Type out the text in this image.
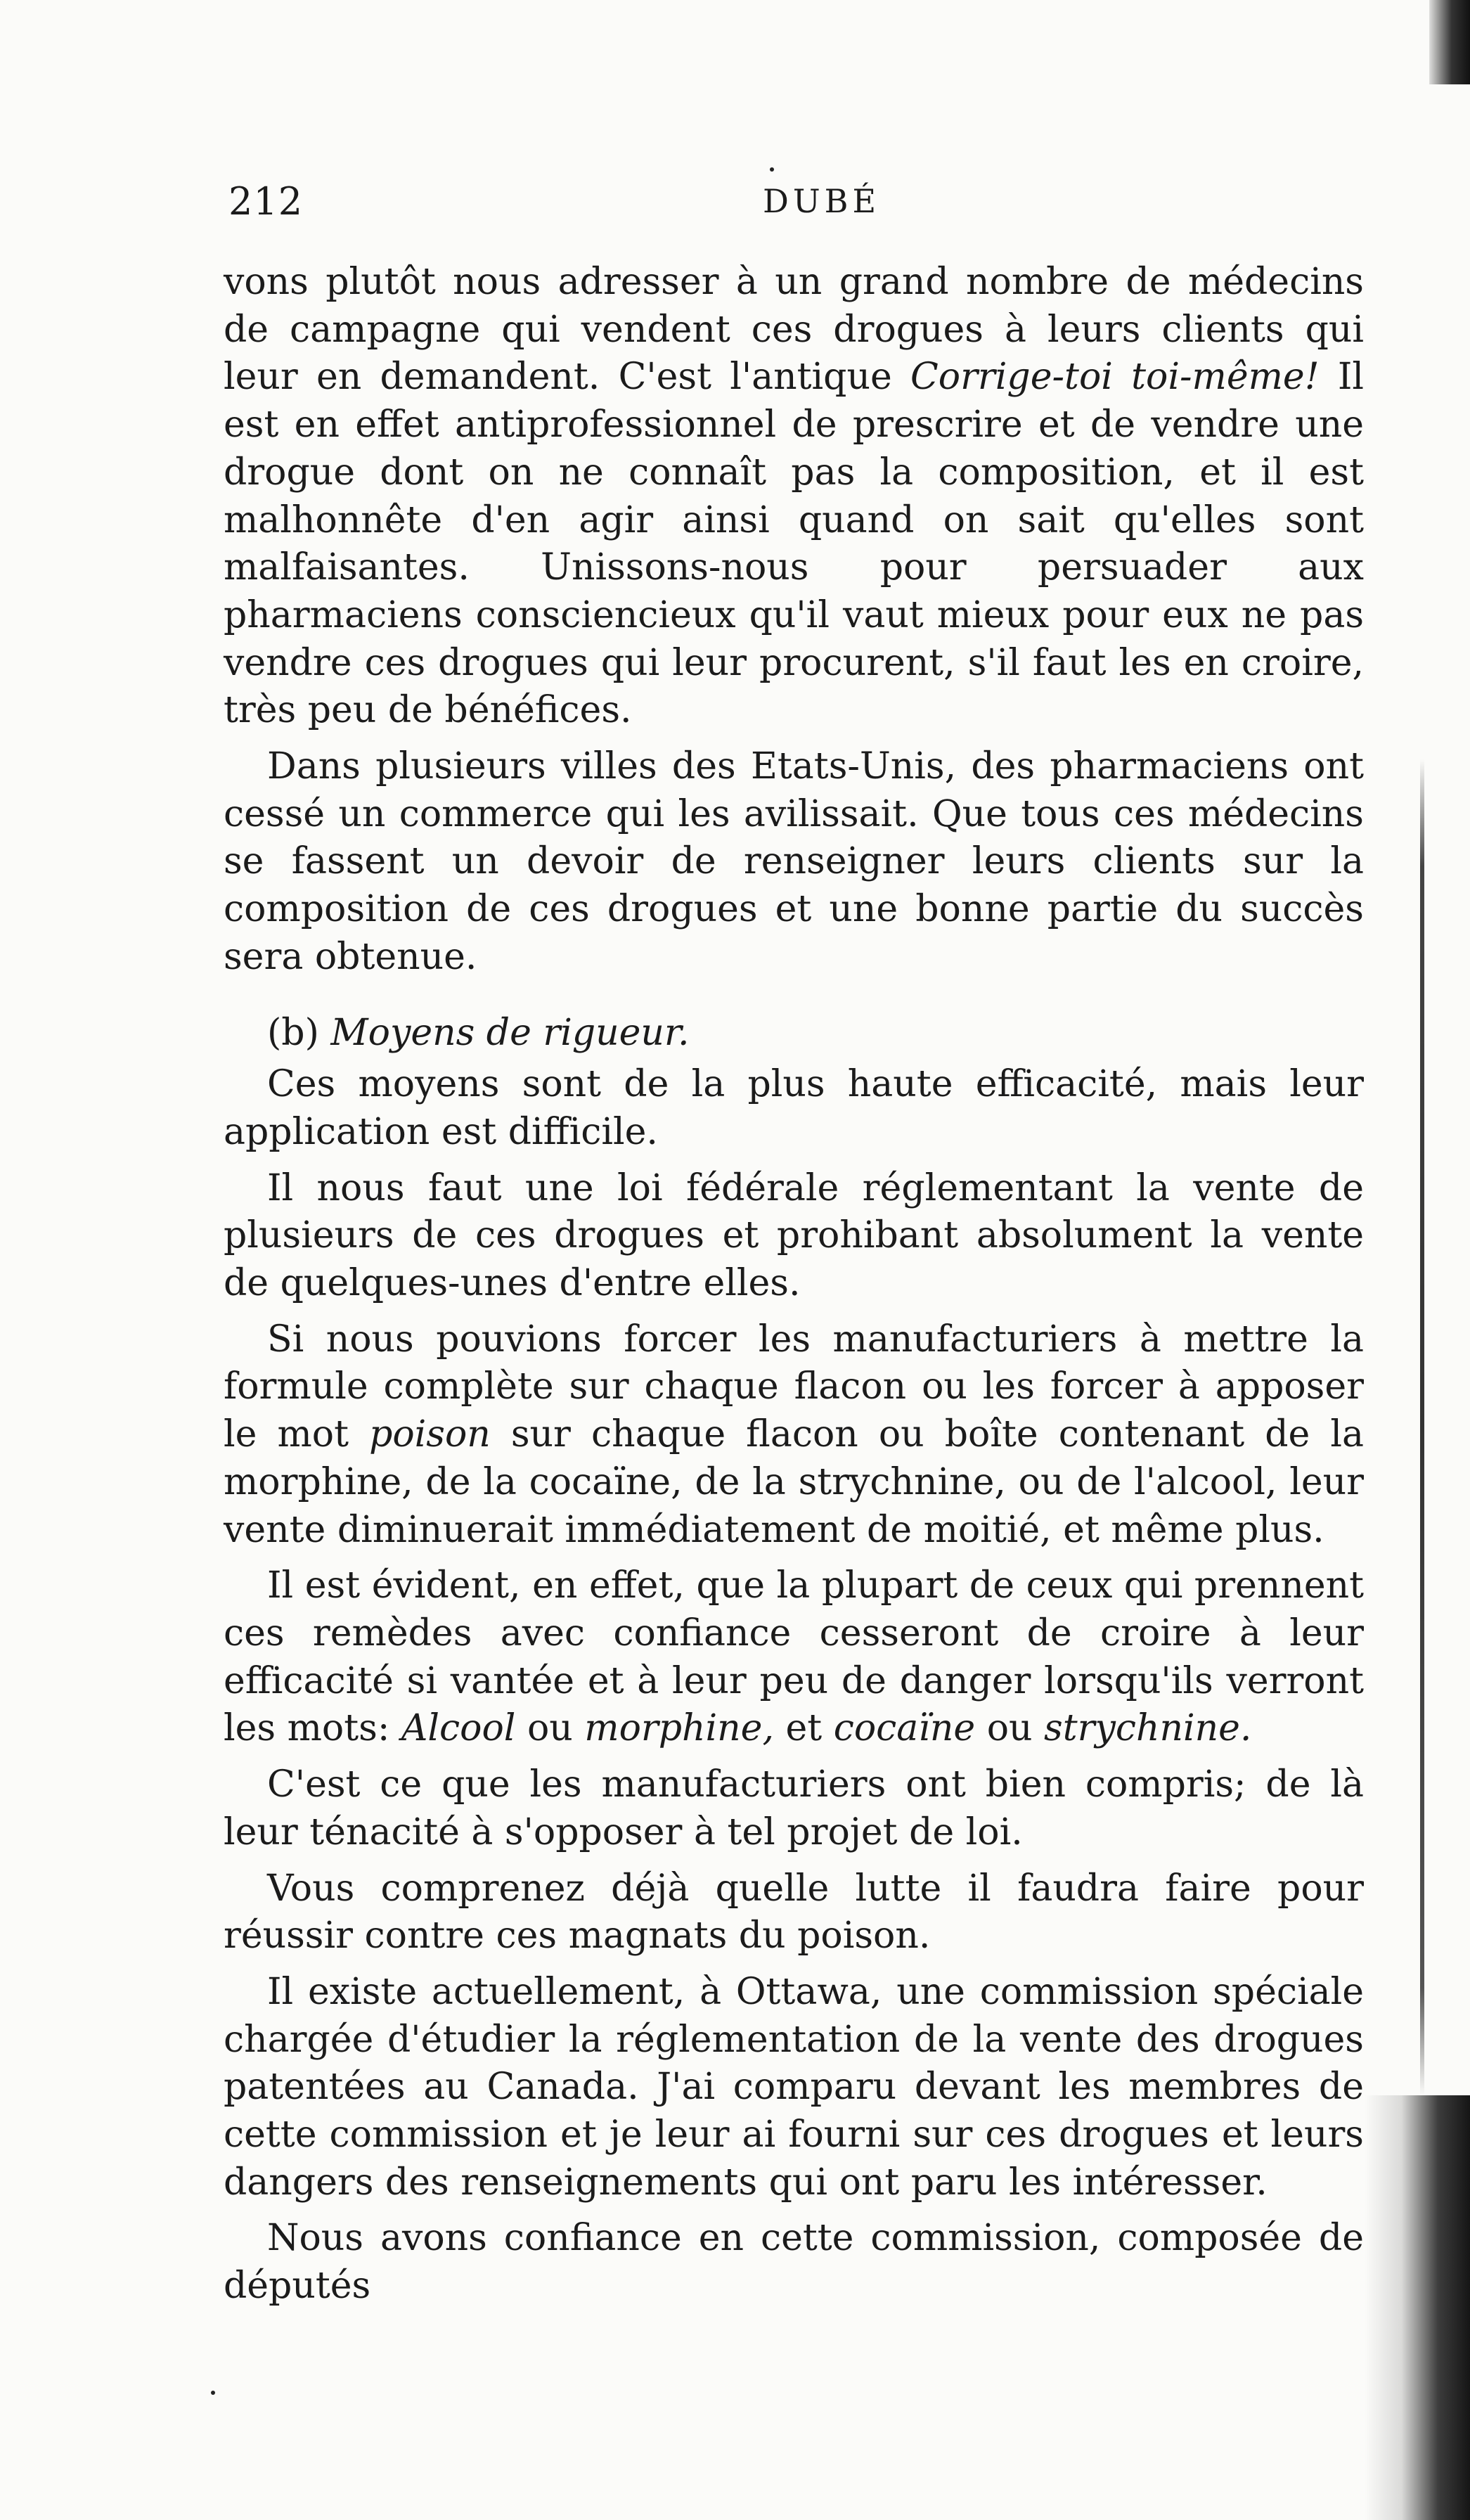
212	DUBÉ

vons plutôt nous adresser à un grand nombre de médecins de campagne qui vendent ces drogues à leurs clients qui leur en demandent. C'est l'antique Corrige-toi toi-même! Il est en effet antiprofessionnel de prescrire et de vendre une drogue dont on ne connaît pas la composition, et il est malhonnête d'en agir ainsi quand on sait qu'elles sont malfaisantes. Unissons-nous pour persuader aux pharmaciens consciencieux qu'il vaut mieux pour eux ne pas vendre ces drogues qui leur procurent, s'il faut les en croire, très peu de bénéfices.

Dans plusieurs villes des Etats-Unis, des pharmaciens ont cessé un commerce qui les avilissait. Que tous ces médecins se fassent un devoir de renseigner leurs clients sur la composition de ces drogues et une bonne partie du succès sera obtenue.

(b) Moyens de rigueur.

Ces moyens sont de la plus haute efficacité, mais leur application est difficile.

Il nous faut une loi fédérale réglementant la vente de plusieurs de ces drogues et prohibant absolument la vente de quelques-unes d'entre elles.

Si nous pouvions forcer les manufacturiers à mettre la formule complète sur chaque flacon ou les forcer à apposer le mot poison sur chaque flacon ou boîte contenant de la morphine, de la cocaïne, de la strychnine, ou de l'alcool, leur vente diminuerait immédiatement de moitié, et même plus.

Il est évident, en effet, que la plupart de ceux qui prennent ces remèdes avec confiance cesseront de croire à leur efficacité si vantée et à leur peu de danger lorsqu'ils verront les mots: Alcool ou morphine, et cocaïne ou strychnine.

C'est ce que les manufacturiers ont bien compris; de là leur ténacité à s'opposer à tel projet de loi.

Vous comprenez déjà quelle lutte il faudra faire pour réussir contre ces magnats du poison.

Il existe actuellement, à Ottawa, une commission spéciale chargée d'étudier la réglementation de la vente des drogues patentées au Canada. J'ai comparu devant les membres de cette commission et je leur ai fourni sur ces drogues et leurs dangers des renseignements qui ont paru les intéresser.

Nous avons confiance en cette commission, composée de députés
